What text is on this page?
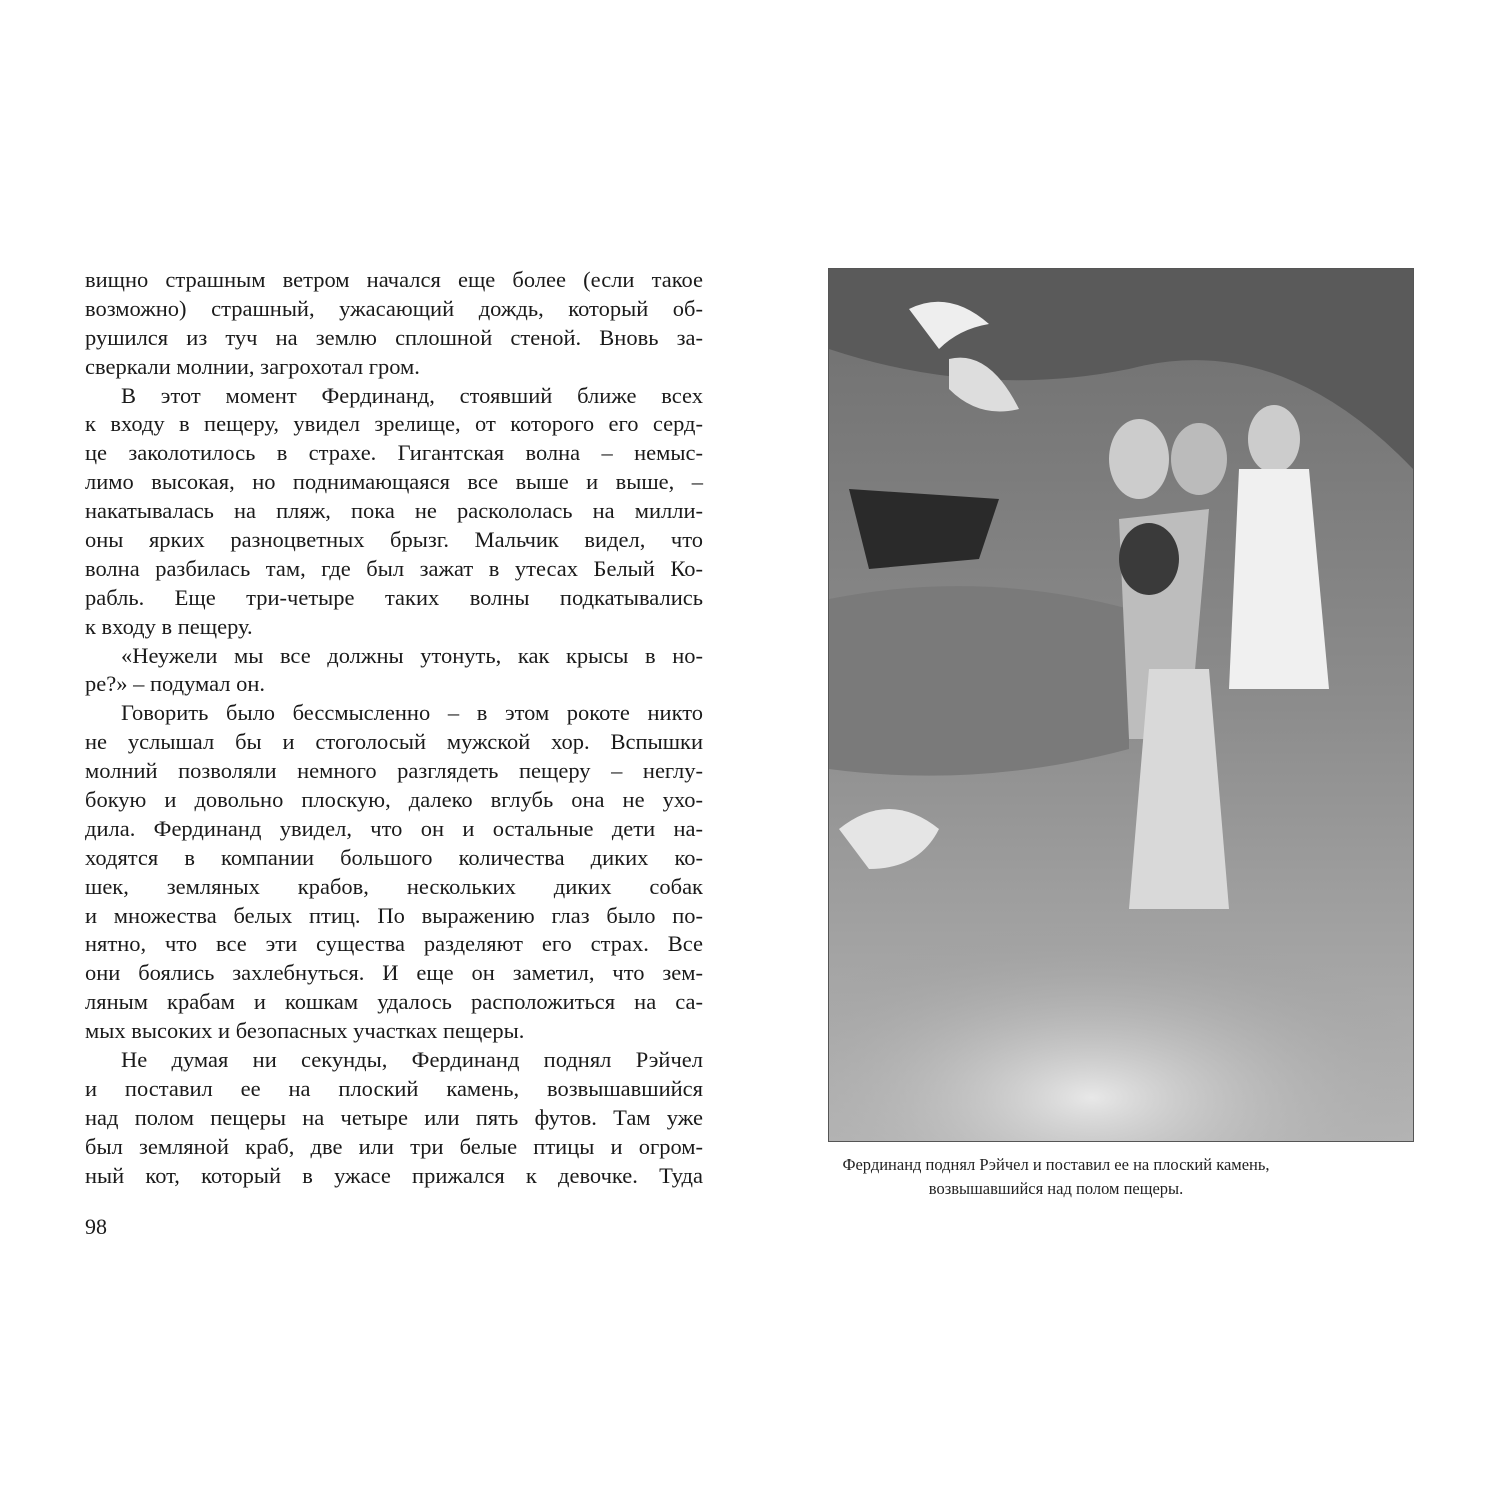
вищно страшным ветром начался еще более (если такое
возможно) страшный, ужасающий дождь, который об-
рушился из туч на землю сплошной стеной. Вновь за-
сверкали молнии, загрохотал гром.
В этот момент Фердинанд, стоявший ближе всех
к входу в пещеру, увидел зрелище, от которого его серд-
це заколотилось в страхе. Гигантская волна – немыс-
лимо высокая, но поднимающаяся все выше и выше, –
накатывалась на пляж, пока не раскололась на милли-
оны ярких разноцветных брызг. Мальчик видел, что
волна разбилась там, где был зажат в утесах Белый Ко-
рабль. Еще три-четыре таких волны подкатывались
к входу в пещеру.
«Неужели мы все должны утонуть, как крысы в но-
ре?» – подумал он.
Говорить было бессмысленно – в этом рокоте никто
не услышал бы и стоголосый мужской хор. Вспышки
молний позволяли немного разглядеть пещеру – неглу-
бокую и довольно плоскую, далеко вглубь она не ухо-
дила. Фердинанд увидел, что он и остальные дети на-
ходятся в компании большого количества диких ко-
шек, земляных крабов, нескольких диких собак
и множества белых птиц. По выражению глаз было по-
нятно, что все эти существа разделяют его страх. Все
они боялись захлебнуться. И еще он заметил, что зем-
ляным крабам и кошкам удалось расположиться на са-
мых высоких и безопасных участках пещеры.
Не думая ни секунды, Фердинанд поднял Рэйчел
и поставил ее на плоский камень, возвышавшийся
над полом пещеры на четыре или пять футов. Там уже
был земляной краб, две или три белые птицы и огром-
ный кот, который в ужасе прижался к девочке. Туда
98
Фердинанд поднял Рэйчел и поставил ее на плоский камень,
возвышавшийся над полом пещеры.
